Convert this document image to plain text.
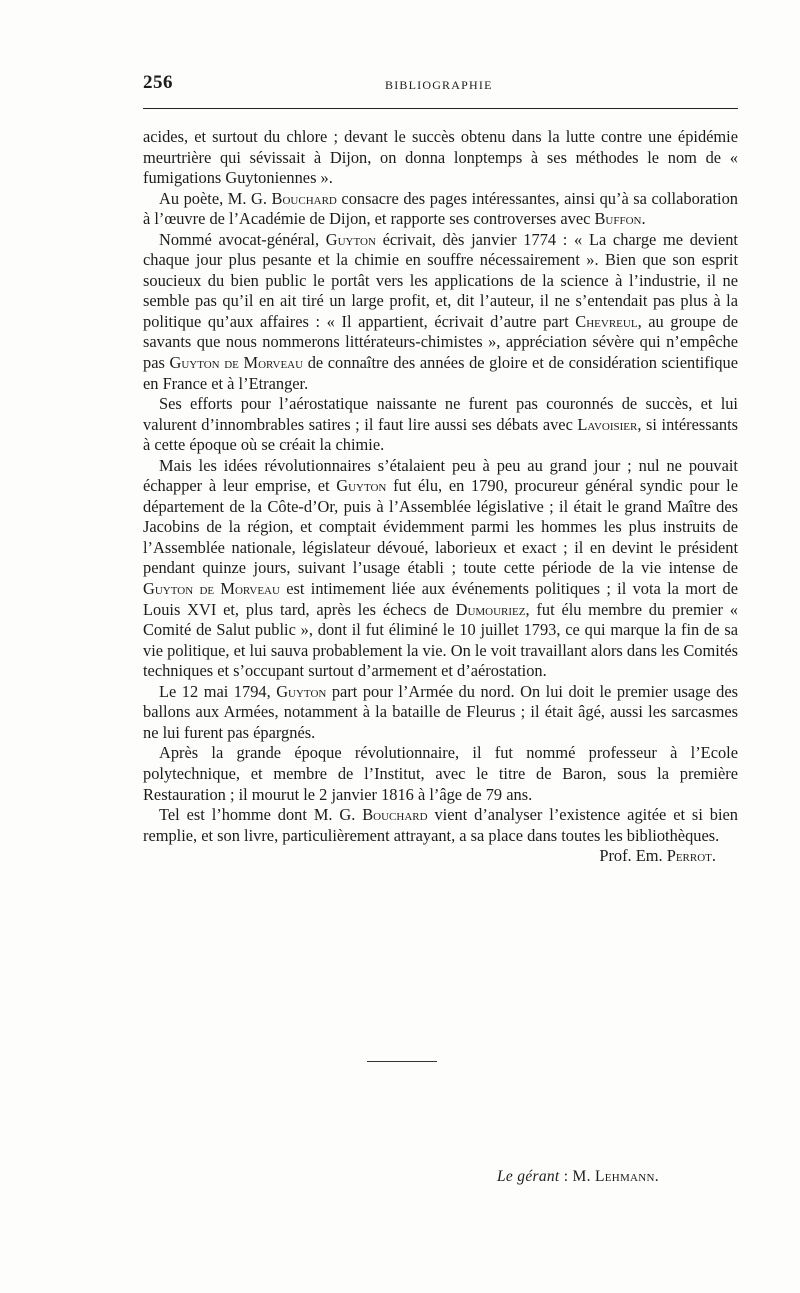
256	BIBLIOGRAPHIE

acides, et surtout du chlore ; devant le succès obtenu dans la lutte contre une épidémie meurtrière qui sévissait à Dijon, on donna lonptemps à ses méthodes le nom de « fumigations Guytoniennes ».

Au poète, M. G. Bouchard consacre des pages intéressantes, ainsi qu’à sa collaboration à l’œuvre de l’Académie de Dijon, et rapporte ses controverses avec Buffon.

Nommé avocat-général, Guyton écrivait, dès janvier 1774 : « La charge me devient chaque jour plus pesante et la chimie en souffre nécessairement ». Bien que son esprit soucieux du bien public le portât vers les applications de la science à l’industrie, il ne semble pas qu’il en ait tiré un large profit, et, dit l’auteur, il ne s’entendait pas plus à la politique qu’aux affaires : « Il appartient, écrivait d’autre part Chevreul, au groupe de savants que nous nommerons littérateurs-chimistes », appréciation sévère qui n’empêche pas Guyton de Morveau de connaître des années de gloire et de considération scientifique en France et à l’Etranger.

Ses efforts pour l’aérostatique naissante ne furent pas couronnés de succès, et lui valurent d’innombrables satires ; il faut lire aussi ses débats avec Lavoisier, si intéressants à cette époque où se créait la chimie.

Mais les idées révolutionnaires s’étalaient peu à peu au grand jour ; nul ne pouvait échapper à leur emprise, et Guyton fut élu, en 1790, procureur général syndic pour le département de la Côte-d’Or, puis à l’Assemblée législative ; il était le grand Maître des Jacobins de la région, et comptait évidemment parmi les hommes les plus instruits de l’Assemblée nationale, législateur dévoué, laborieux et exact ; il en devint le président pendant quinze jours, suivant l’usage établi ; toute cette période de la vie intense de Guyton de Morveau est intimement liée aux événements politiques ; il vota la mort de Louis XVI et, plus tard, après les échecs de Dumouriez, fut élu membre du premier « Comité de Salut public », dont il fut éliminé le 10 juillet 1793, ce qui marque la fin de sa vie politique, et lui sauva probablement la vie. On le voit travaillant alors dans les Comités techniques et s’occupant surtout d’armement et d’aérostation.

Le 12 mai 1794, Guyton part pour l’Armée du nord. On lui doit le premier usage des ballons aux Armées, notamment à la bataille de Fleurus ; il était âgé, aussi les sarcasmes ne lui furent pas épargnés.

Après la grande époque révolutionnaire, il fut nommé professeur à l’Ecole polytechnique, et membre de l’Institut, avec le titre de Baron, sous la première Restauration ; il mourut le 2 janvier 1816 à l’âge de 79 ans.

Tel est l’homme dont M. G. Bouchard vient d’analyser l’existence agitée et si bien remplie, et son livre, particulièrement attrayant, a sa place dans toutes les bibliothèques.
Prof. Em. Perrot.

Le gérant : M. Lehmann.
